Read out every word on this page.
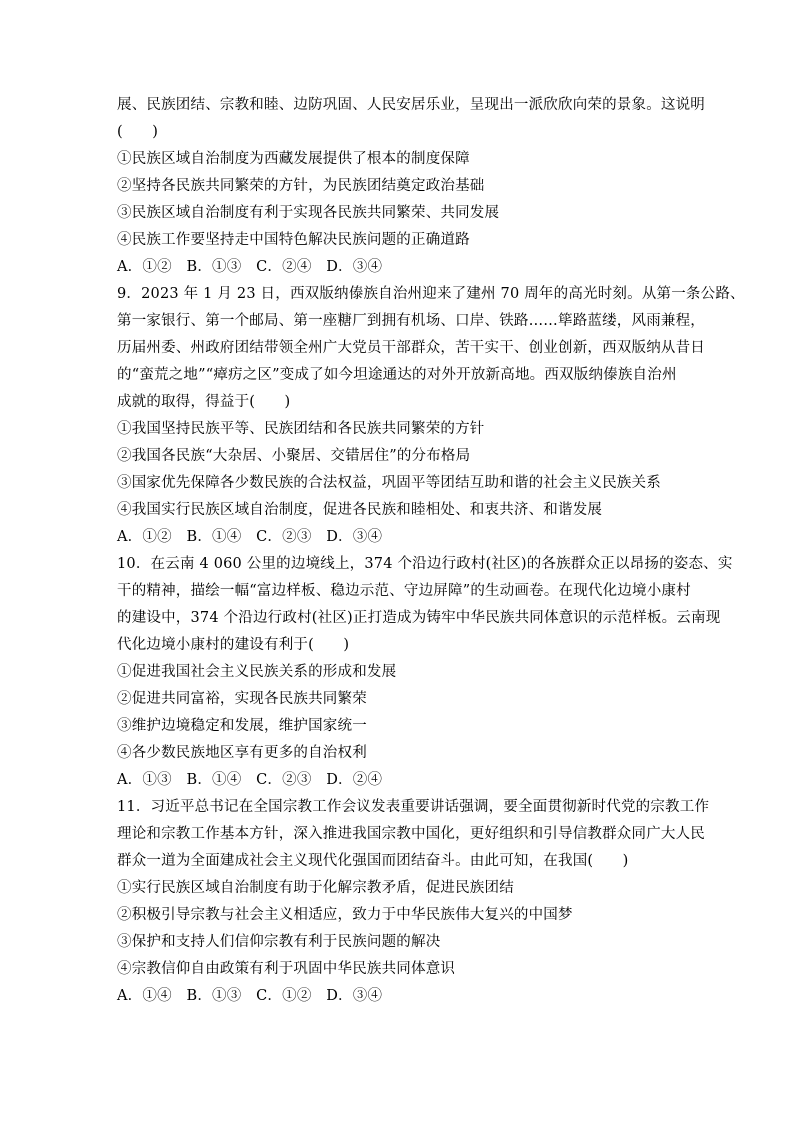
展、民族团结、宗教和睦、边防巩固、人民安居乐业，呈现出一派欣欣向荣的景象。这说明
(　　)
①民族区域自治制度为西藏发展提供了根本的制度保障
②坚持各民族共同繁荣的方针，为民族团结奠定政治基础
③民族区域自治制度有利于实现各民族共同繁荣、共同发展
④民族工作要坚持走中国特色解决民族问题的正确道路
A．①②　B．①③　C．②④　D．③④
9．2023 年 1 月 23 日，西双版纳傣族自治州迎来了建州 70 周年的高光时刻。从第一条公路、
第一家银行、第一个邮局、第一座糖厂到拥有机场、口岸、铁路……筚路蓝缕，风雨兼程，
历届州委、州政府团结带领全州广大党员干部群众，苦干实干、创业创新，西双版纳从昔日
的“蛮荒之地”“瘴疠之区”变成了如今坦途通达的对外开放新高地。西双版纳傣族自治州
成就的取得，得益于(　　)
①我国坚持民族平等、民族团结和各民族共同繁荣的方针
②我国各民族“大杂居、小聚居、交错居住”的分布格局
③国家优先保障各少数民族的合法权益，巩固平等团结互助和谐的社会主义民族关系
④我国实行民族区域自治制度，促进各民族和睦相处、和衷共济、和谐发展
A．①②　B．①④　C．②③　D．③④
10．在云南 4 060 公里的边境线上，374 个沿边行政村(社区)的各族群众正以昂扬的姿态、实
干的精神，描绘一幅“富边样板、稳边示范、守边屏障”的生动画卷。在现代化边境小康村
的建设中，374 个沿边行政村(社区)正打造成为铸牢中华民族共同体意识的示范样板。云南现
代化边境小康村的建设有利于(　　)
①促进我国社会主义民族关系的形成和发展
②促进共同富裕，实现各民族共同繁荣
③维护边境稳定和发展，维护国家统一
④各少数民族地区享有更多的自治权利
A．①③　B．①④　C．②③　D．②④
11．习近平总书记在全国宗教工作会议发表重要讲话强调，要全面贯彻新时代党的宗教工作
理论和宗教工作基本方针，深入推进我国宗教中国化，更好组织和引导信教群众同广大人民
群众一道为全面建成社会主义现代化强国而团结奋斗。由此可知，在我国(　　)
①实行民族区域自治制度有助于化解宗教矛盾，促进民族团结
②积极引导宗教与社会主义相适应，致力于中华民族伟大复兴的中国梦
③保护和支持人们信仰宗教有利于民族问题的解决
④宗教信仰自由政策有利于巩固中华民族共同体意识
A．①④　B．①③　C．①②　D．③④
